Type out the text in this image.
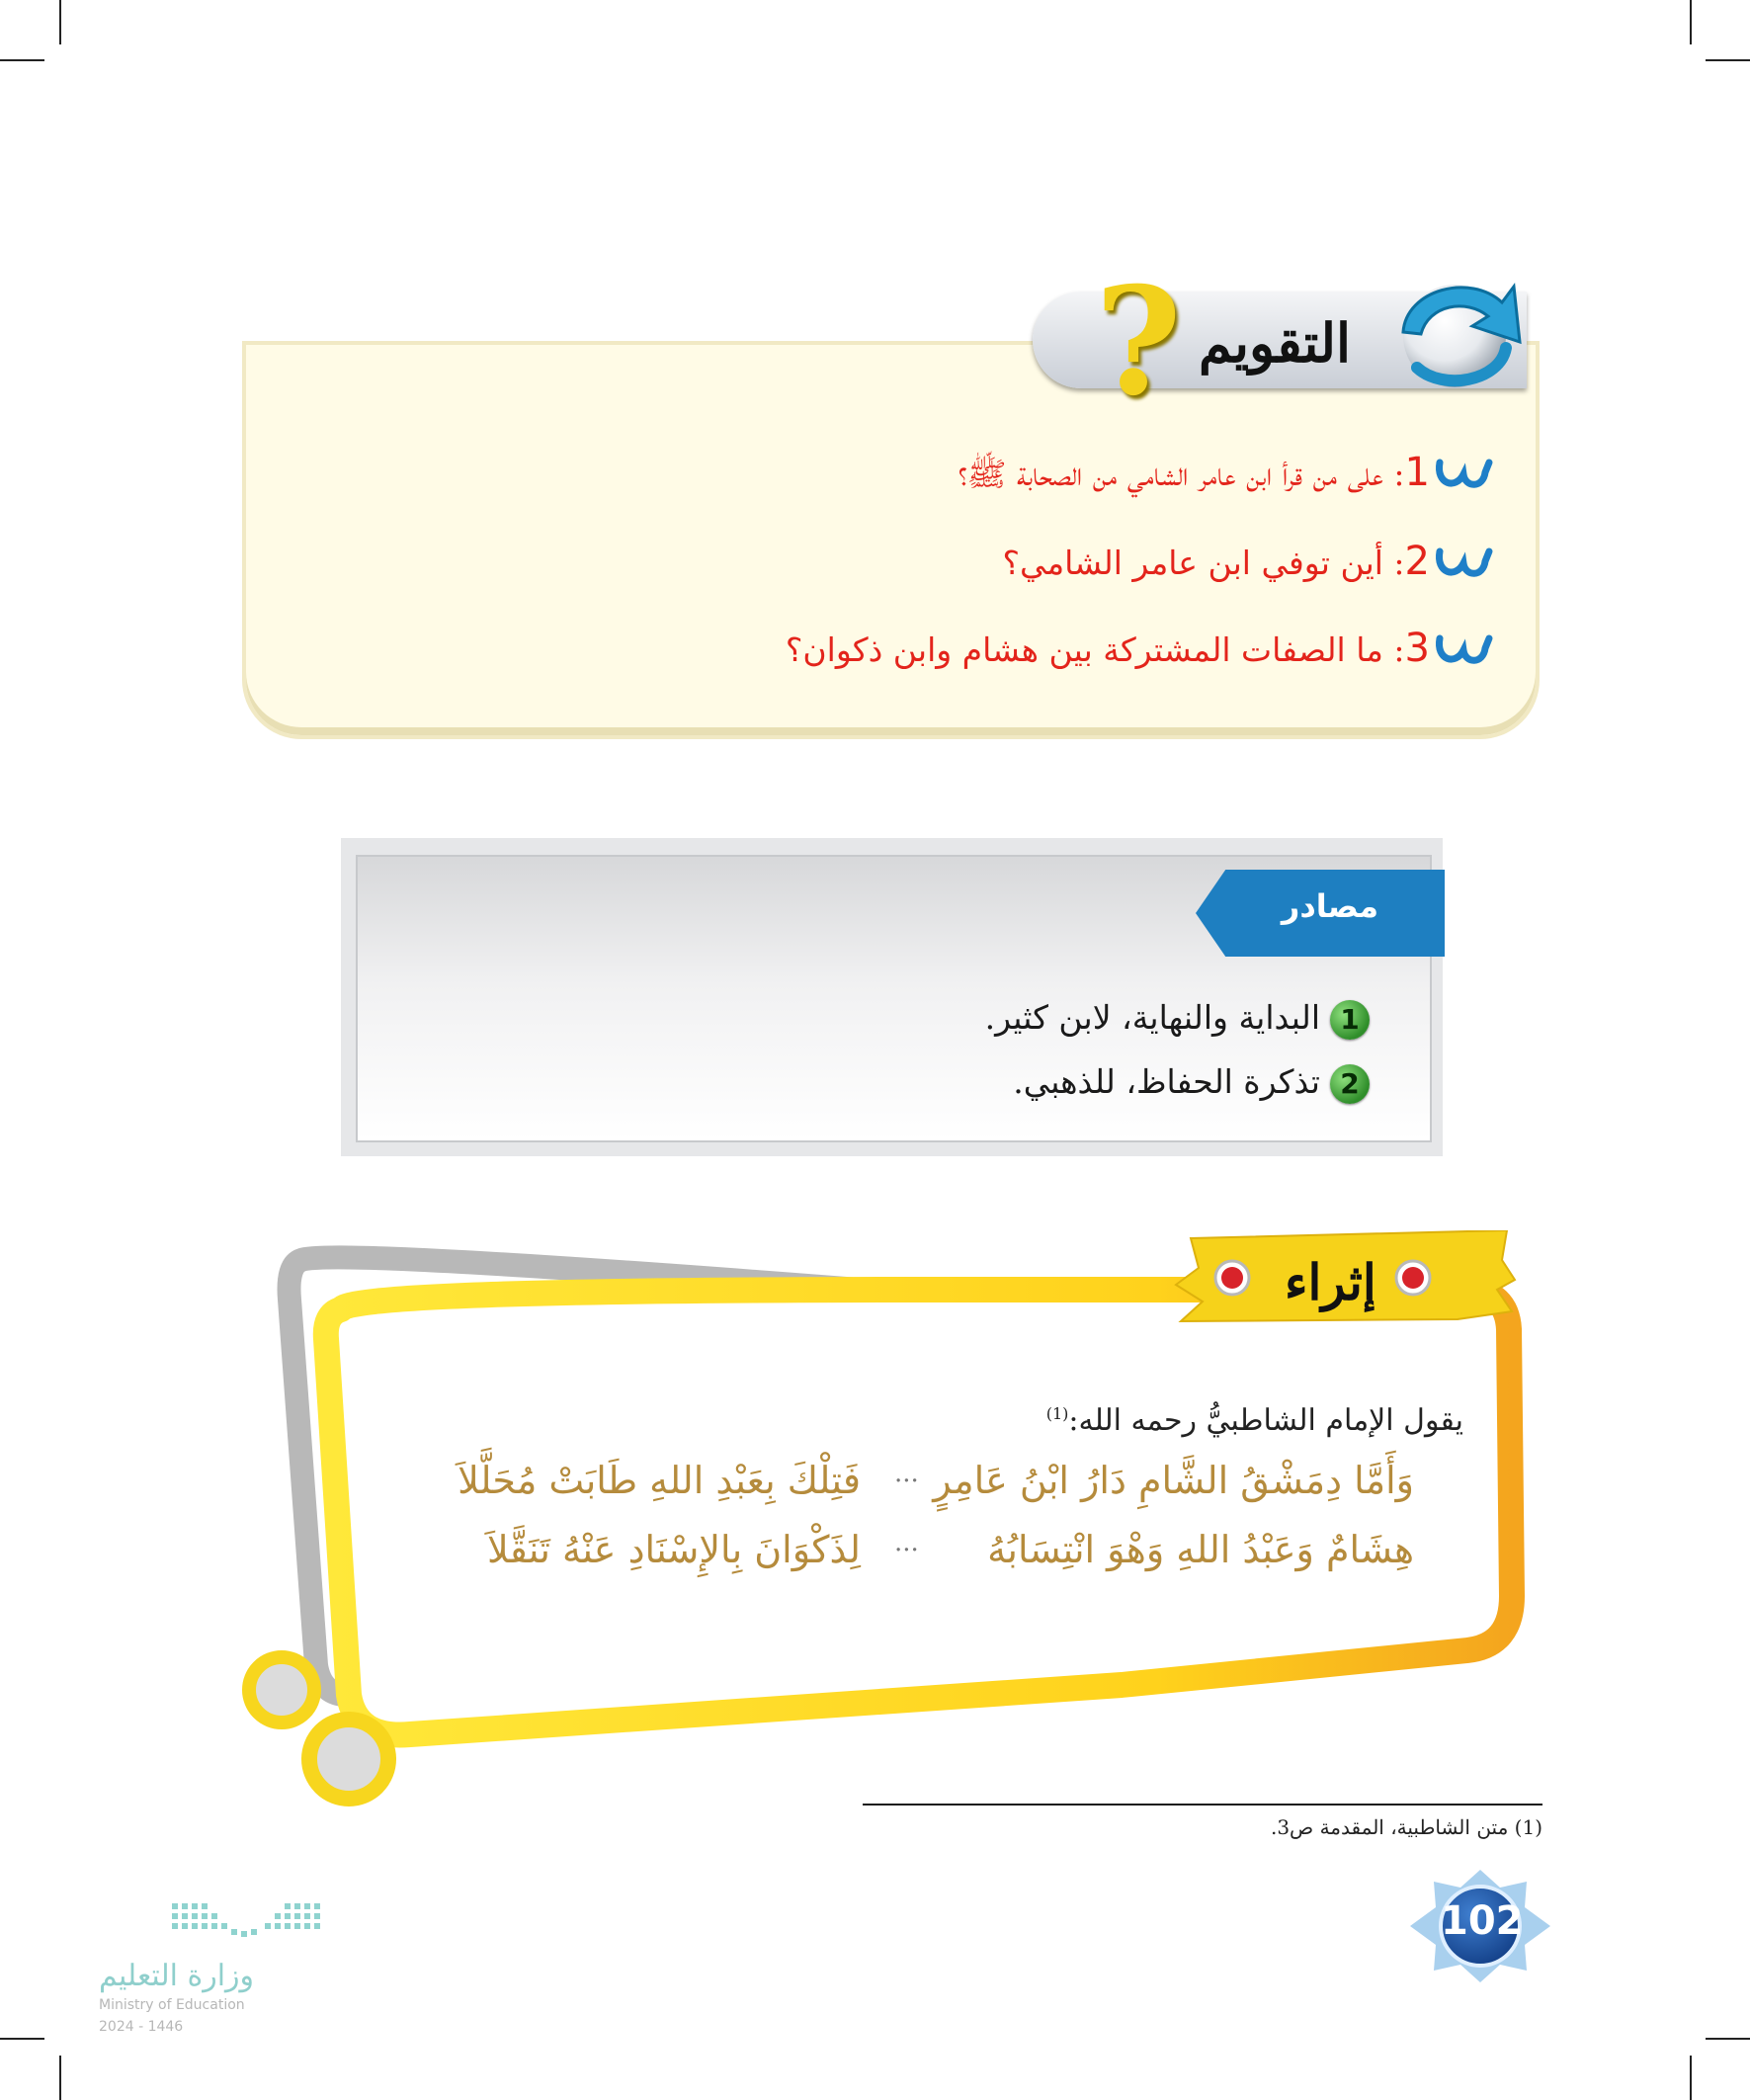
التقويم
?
1: على من قرأ ابن عامر الشامي من الصحابة ﷺ؟
2: أين توفي ابن عامر الشامي؟
3: ما الصفات المشتركة بين هشام وابن ذكوان؟
مصادر
1البداية والنهاية، لابن كثير.
2تذكرة الحفاظ، للذهبي.
إثراء
يقول الإمام الشاطبيُّ رحمه الله:$^{(1)}$
وَأَمَّا دِمَشْقُ الشَّامِ دَارُ ابْنُ عَامِرٍ
...
فَتِلْكَ بِعَبْدِ اللهِ طَابَتْ مُحَلَّلاَ
هِشَامٌ وَعَبْدُ اللهِ وَهْوَ انْتِسَابُهُ
...
لِذَكْوَانَ بِالإِسْنَادِ عَنْهُ تَنَقَّلاَ
(1) متن الشاطبية، المقدمة ص3.
102
وزارة التعليم
Ministry of Education
2024 - 1446
